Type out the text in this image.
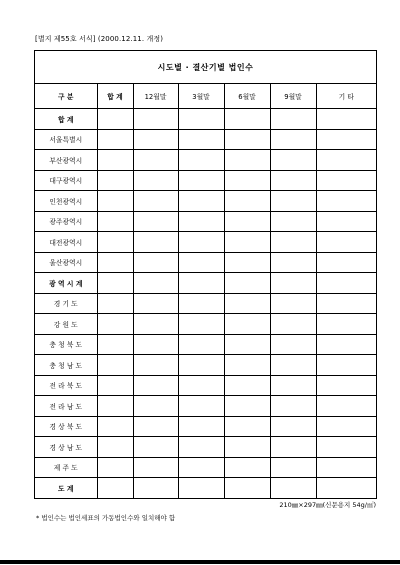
[별지 제55호 서식] (2000.12.11. 개정)
시도별 · 결산기별 법인수
구 분	합 계	12월말	3월말	6월말	9월말	기 타
합 계						
서울특별시						
부산광역시						
대구광역시						
인천광역시						
광주광역시						
대전광역시						
울산광역시						
광 역 시 계						
경 기 도						
강 원 도						
충 청 북 도						
충 청 남 도						
전 라 북 도						
전 라 남 도						
경 상 북 도						
경 상 남 도						
제 주 도						
도 계						
210㎜×297㎜(신문용지 54g/㎡)
* 법인수는 법인세표의 가동법인수와 일치해야 함
